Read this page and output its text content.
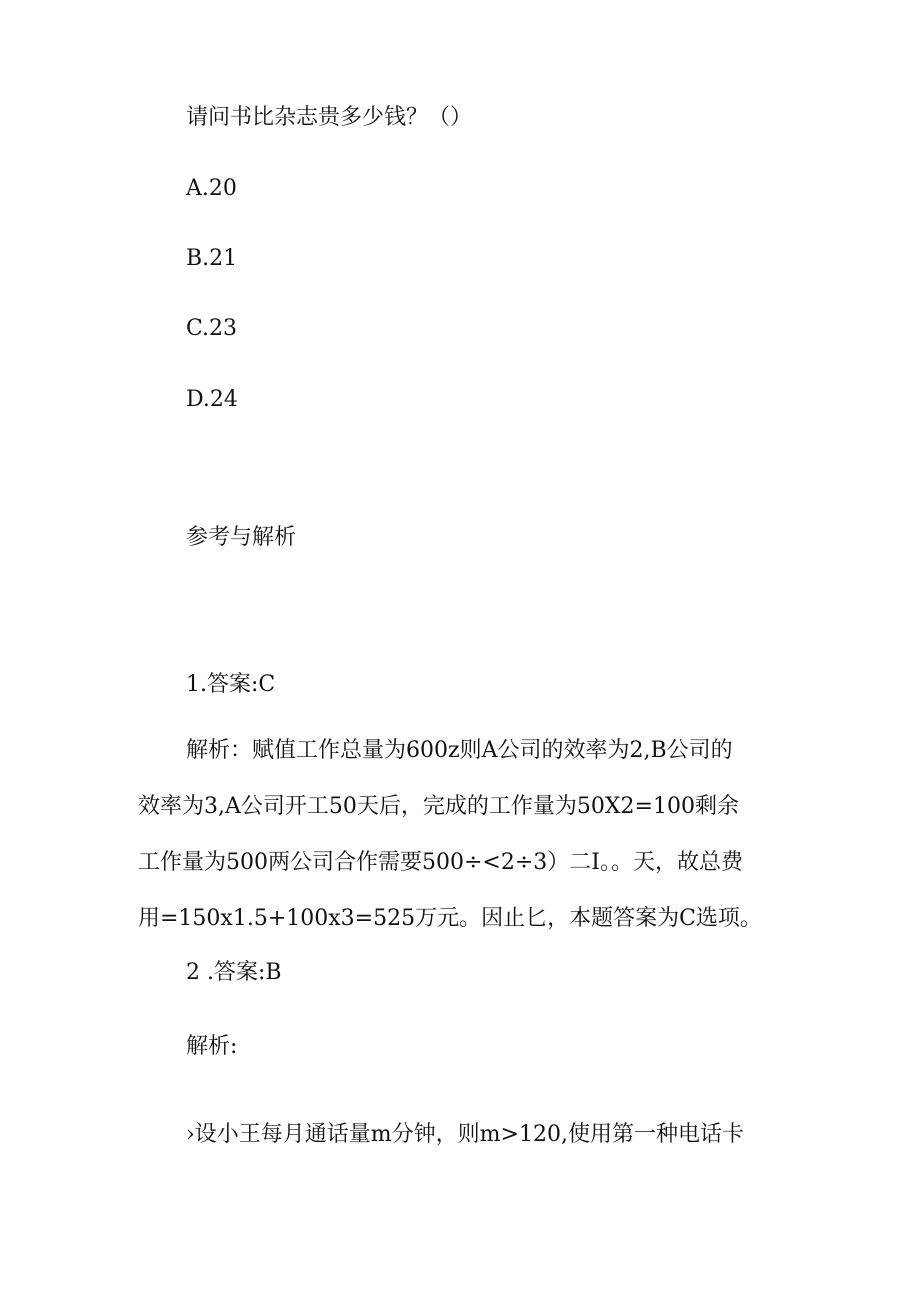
请问书比杂志贵多少钱？（）
A.20
B.21
C.23
D.24
参考与解析
1.答案:C
解析：赋值工作总量为600z则A公司的效率为2,B公司的
效率为3,A公司开工50天后，完成的工作量为50X2=100剩余
工作量为500两公司合作需要500÷<2÷3）二I。。天，故总费
用=150x1.5+100x3=525万元。因止匕，本题答案为C选项。
2 .答案:B
解析:
›设小王每月通话量m分钟，则m>120,使用第一种电话卡
